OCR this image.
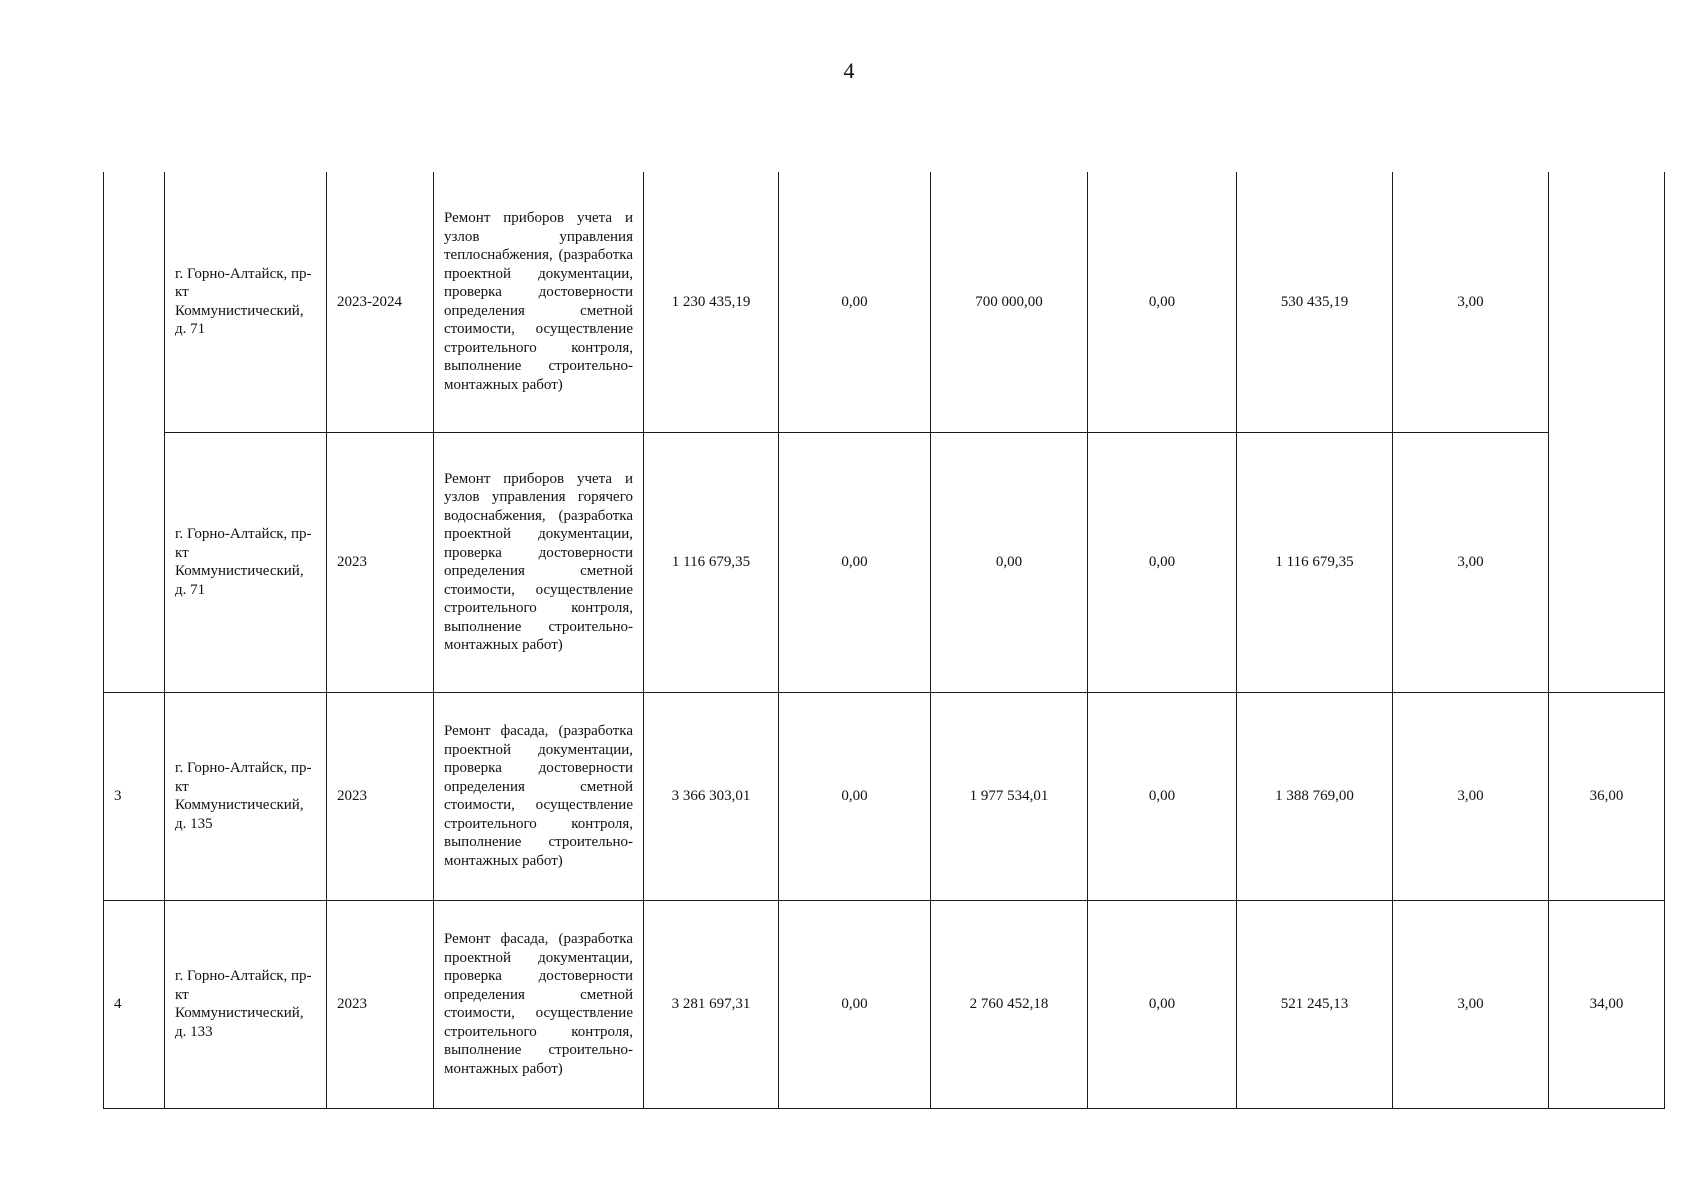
4
	г. Горно-Алтайск, пр-кт Коммунистический, д. 71	2023-2024	Ремонт приборов учета и узлов управления теплоснабжения, (разработка проектной документации, проверка достоверности определения сметной стоимости, осуществление строительного контроля, выполнение строительно-монтажных работ)	1 230 435,19	0,00	700 000,00	0,00	530 435,19	3,00	
	г. Горно-Алтайск, пр-кт Коммунистический, д. 71	2023	Ремонт приборов учета и узлов управления горячего водоснабжения, (разработка проектной документации, проверка достоверности определения сметной стоимости, осуществление строительного контроля, выполнение строительно-монтажных работ)	1 116 679,35	0,00	0,00	0,00	1 116 679,35	3,00	
3	г. Горно-Алтайск, пр-кт Коммунистический, д. 135	2023	Ремонт фасада, (разработка проектной документации, проверка достоверности определения сметной стоимости, осуществление строительного контроля, выполнение строительно-монтажных работ)	3 366 303,01	0,00	1 977 534,01	0,00	1 388 769,00	3,00	36,00
4	г. Горно-Алтайск, пр-кт Коммунистический, д. 133	2023	Ремонт фасада, (разработка проектной документации, проверка достоверности определения сметной стоимости, осуществление строительного контроля, выполнение строительно-монтажных работ)	3 281 697,31	0,00	2 760 452,18	0,00	521 245,13	3,00	34,00
